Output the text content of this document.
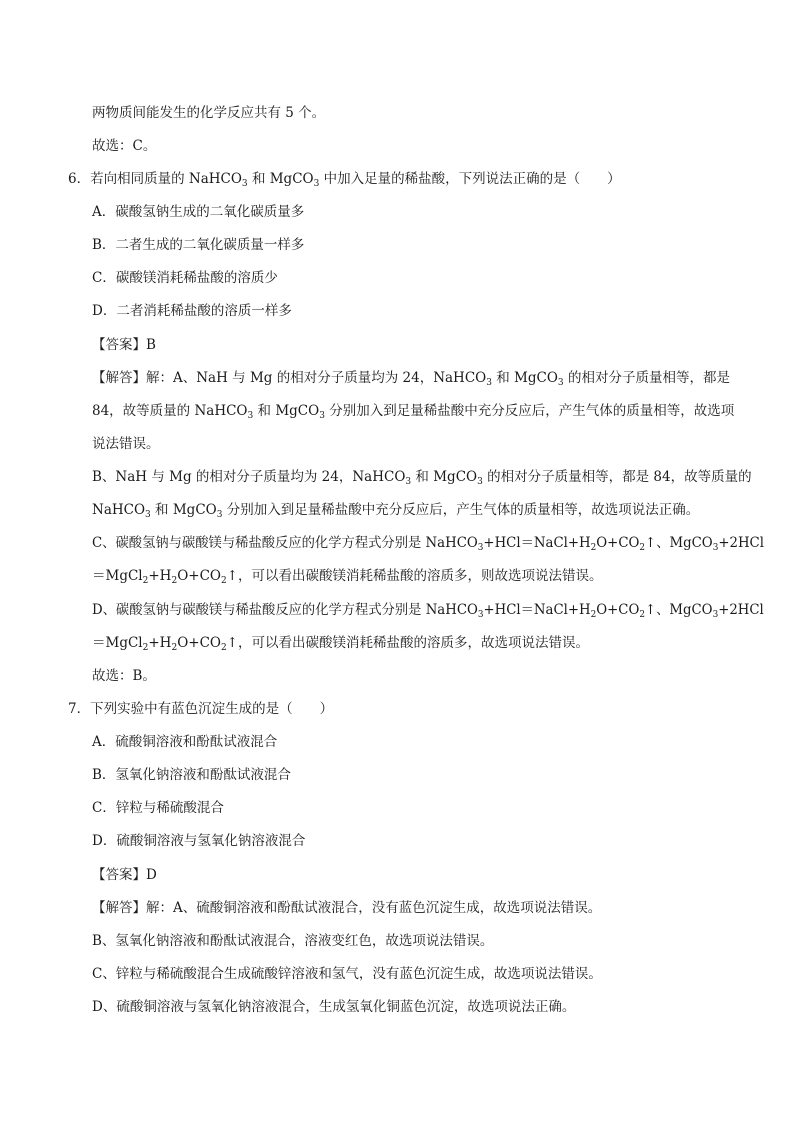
两物质间能发生的化学反应共有 5 个。
故选：C。
6．若向相同质量的 NaHCO$_3$ 和 MgCO$_3$ 中加入足量的稀盐酸，下列说法正确的是（　　）
A．碳酸氢钠生成的二氧化碳质量多
B．二者生成的二氧化碳质量一样多
C．碳酸镁消耗稀盐酸的溶质少
D．二者消耗稀盐酸的溶质一样多
【答案】B
【解答】解：A、NaH 与 Mg 的相对分子质量均为 24，NaHCO$_3$ 和 MgCO$_3$ 的相对分子质量相等，都是
84，故等质量的 NaHCO$_3$ 和 MgCO$_3$ 分别加入到足量稀盐酸中充分反应后，产生气体的质量相等，故选项
说法错误。
B、NaH 与 Mg 的相对分子质量均为 24，NaHCO$_3$ 和 MgCO$_3$ 的相对分子质量相等，都是 84，故等质量的
NaHCO$_3$ 和 MgCO$_3$ 分别加入到足量稀盐酸中充分反应后，产生气体的质量相等，故选项说法正确。
C、碳酸氢钠与碳酸镁与稀盐酸反应的化学方程式分别是 $NaHCO_3+HCl=NaCl+H_2O+CO_2↑$、MgCO$_3$+2HCl
$=MgCl_2+H_2O+CO_2↑$，可以看出碳酸镁消耗稀盐酸的溶质多，则故选项说法错误。
D、碳酸氢钠与碳酸镁与稀盐酸反应的化学方程式分别是 $NaHCO_3+HCl=NaCl+H_2O+CO_2↑$、MgCO$_3$+2HCl
$=MgCl_2+H_2O+CO_2↑$，可以看出碳酸镁消耗稀盐酸的溶质多，故选项说法错误。
故选：B。
7．下列实验中有蓝色沉淀生成的是（　　）
A．硫酸铜溶液和酚酞试液混合
B．氢氧化钠溶液和酚酞试液混合
C．锌粒与稀硫酸混合
D．硫酸铜溶液与氢氧化钠溶液混合
【答案】D
【解答】解：A、硫酸铜溶液和酚酞试液混合，没有蓝色沉淀生成，故选项说法错误。
B、氢氧化钠溶液和酚酞试液混合，溶液变红色，故选项说法错误。
C、锌粒与稀硫酸混合生成硫酸锌溶液和氢气，没有蓝色沉淀生成，故选项说法错误。
D、硫酸铜溶液与氢氧化钠溶液混合，生成氢氧化铜蓝色沉淀，故选项说法正确。
